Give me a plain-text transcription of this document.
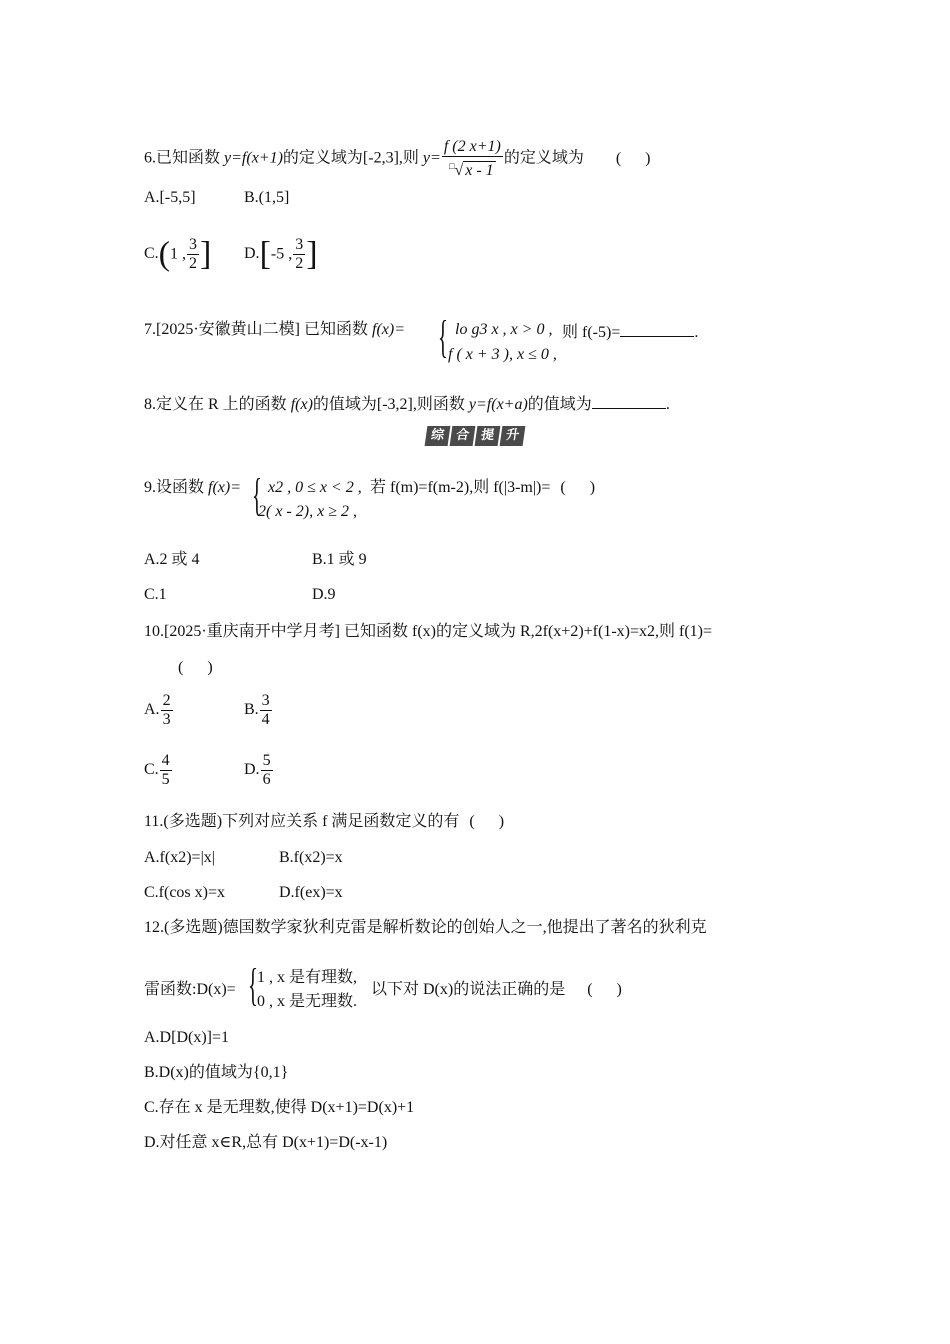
6.已知函数 y=f(x+1)的定义域为[-2,3],则 $y= \frac{f (2 x+1)}{^□√ x - 1}$ 的定义域为 (      )
A.[-5,5]	B.(1,5]
C.(1 , $\frac{3}{2}$ ] D.[-5 , $\frac{3}{2}$ ]
7.[2025·安徽黄山二模] 已知函数 f(x)= { lo g3 x , x > 0 ,
f ( x + 3 ), x ≤ 0 ,
则 f(-5)=	.
8.定义在 R 上的函数 f(x)的值域为[-3,2],则函数 y=f(x+a)的值域为	.
综 合 提 升
9.设函数 f(x)= { x2 , 0 ≤ x < 2 ,
2( x - 2), x ≥ 2 ,
若 f(m)=f(m-2),则 f(|3-m|)= (      )
A.2 或 4	B.1 或 9
C.1	D.9
10.[2025·重庆南开中学月考] 已知函数 f(x)的定义域为 R,2f(x+2)+f(1-x)=x2,则 f(1)=
(      )
A. $\frac{2}{3}$	B. $\frac{3}{4}$
C. $\frac{4}{5}$	D. $\frac{5}{6}$
11.(多选题)下列对应关系 f 满足函数定义的有 (      )
A.f(x2)=|x|	B.f(x2)=x
C.f(cos x)=x	D.f(ex)=x
12.(多选题)德国数学家狄利克雷是解析数论的创始人之一,他提出了著名的狄利克
雷函数:D(x)= { 1 , x 是有理数,
0 , x 是无理数.
以下对 D(x)的说法正确的是 (      )
A.D[D(x)]=1
B.D(x)的值域为{0,1}
C.存在 x 是无理数,使得 D(x+1)=D(x)+1
D.对任意 x∈R,总有 D(x+1)=D(-x-1)
